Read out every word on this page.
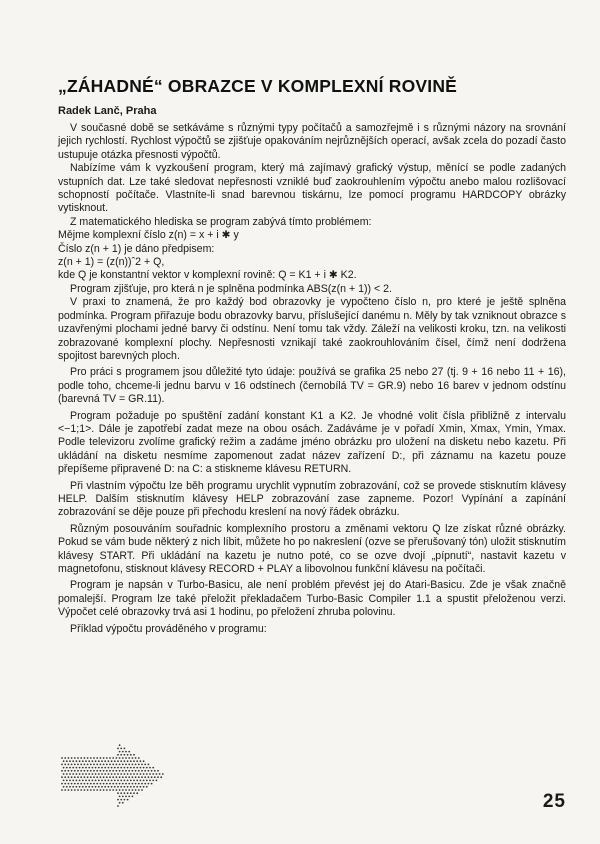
„ZÁHADNÉ“ OBRAZCE V KOMPLEXNÍ ROVINĚ
Radek Lanč, Praha

V současné době se setkáváme s různými typy počítačů a samozřejmě i s různými názory na srovnání jejich rychlostí. Rychlost výpočtů se zjišťuje opakováním nejrůznějších operací, avšak zcela do pozadí často ustupuje otázka přesnosti výpočtů.

Nabízíme vám k vyzkoušení program, který má zajímavý grafický výstup, měnící se podle zadaných vstupních dat. Lze také sledovat nepřesnosti vzniklé buď zaokrouhlením výpočtu anebo malou rozlišovací schopností počítače. Vlastníte-li snad barevnou tiskárnu, lze pomocí programu HARDCOPY obrázky vytisknout.

Z matematického hlediska se program zabývá tímto problémem:

Mějme komplexní číslo z(n) = x + i ✱ y

Číslo z(n + 1) je dáno předpisem:

z(n + 1) = (z(n))ˆ2 + Q,

kde Q je konstantní vektor v komplexní rovině: Q = K1 + i ✱ K2.

Program zjišťuje, pro která n je splněna podmínka ABS(z(n + 1)) < 2.

V praxi to znamená, že pro každý bod obrazovky je vypočteno číslo n, pro které je ještě splněna podmínka. Program přiřazuje bodu obrazovky barvu, příslušející danému n. Měly by tak vzniknout obrazce s uzavřenými plochami jedné barvy či odstínu. Není tomu tak vždy. Záleží na velikosti kroku, tzn. na velikosti zobrazované komplexní plochy. Nepřesnosti vznikají také zaokrouhlováním čísel, čímž není dodržena spojitost barevných ploch.

Pro práci s programem jsou důležité tyto údaje: používá se grafika 25 nebo 27 (tj. 9 + 16 nebo 11 + 16), podle toho, chceme-li jednu barvu v 16 odstínech (černobílá TV = GR.9) nebo 16 barev v jednom odstínu (barevná TV = GR.11).

Program požaduje po spuštění zadání konstant K1 a K2. Je vhodné volit čísla přibližně z intervalu <−1;1>. Dále je zapotřebí zadat meze na obou osách. Zadáváme je v pořadí Xmin, Xmax, Ymin, Ymax. Podle televizoru zvolíme grafický režim a zadáme jméno obrázku pro uložení na disketu nebo kazetu. Při ukládání na disketu nesmíme zapomenout zadat název zařízení D:, při záznamu na kazetu pouze přepíšeme připravené D: na C: a stiskneme klávesu RETURN.

Při vlastním výpočtu lze běh programu urychlit vypnutím zobrazování, což se provede stisknutím klávesy HELP. Dalším stisknutím klávesy HELP zobrazování zase zapneme. Pozor! Vypínání a zapínání zobrazování se děje pouze při přechodu kreslení na nový řádek obrázku.

Různým posouváním souřadnic komplexního prostoru a změnami vektoru Q lze získat různé obrázky. Pokud se vám bude některý z nich líbit, můžete ho po nakreslení (ozve se přerušovaný tón) uložit stisknutím klávesy START. Při ukládání na kazetu je nutno poté, co se ozve dvojí „pípnutí“, nastavit kazetu v magnetofonu, stisknout klávesy RECORD + PLAY a libovolnou funkční klávesu na počítači.

Program je napsán v Turbo-Basicu, ale není problém převést jej do Atari-Basicu. Zde je však značně pomalejší. Program lze také přeložit překladačem Turbo-Basic Compiler 1.1 a spustit přeloženou verzi. Výpočet celé obrazovky trvá asi 1 hodinu, po přeložení zhruba polovinu.

Příklad výpočtu prováděného v programu:

25
